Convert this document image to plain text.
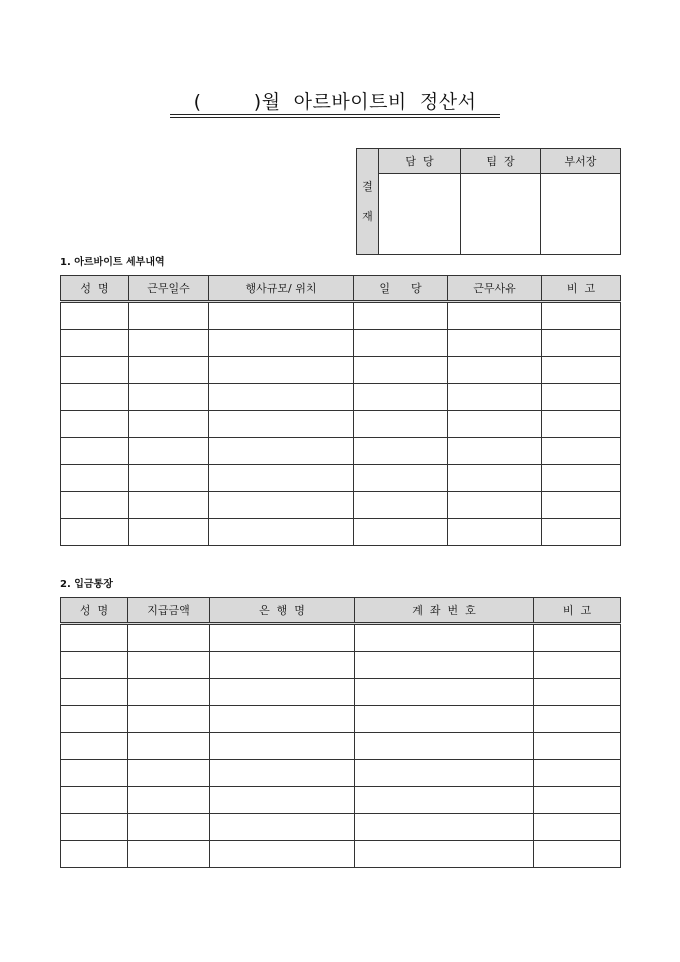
(        )월  아르바이트비  정산서

결

재	담  당	팀  장	부서장

1. 아르바이트 세부내역
성  명	근무일수	행사규모/ 위치	일      당	근무사유	비  고

2. 입금통장
성  명	지급금액	은  행  명	계  좌  번  호	비  고
